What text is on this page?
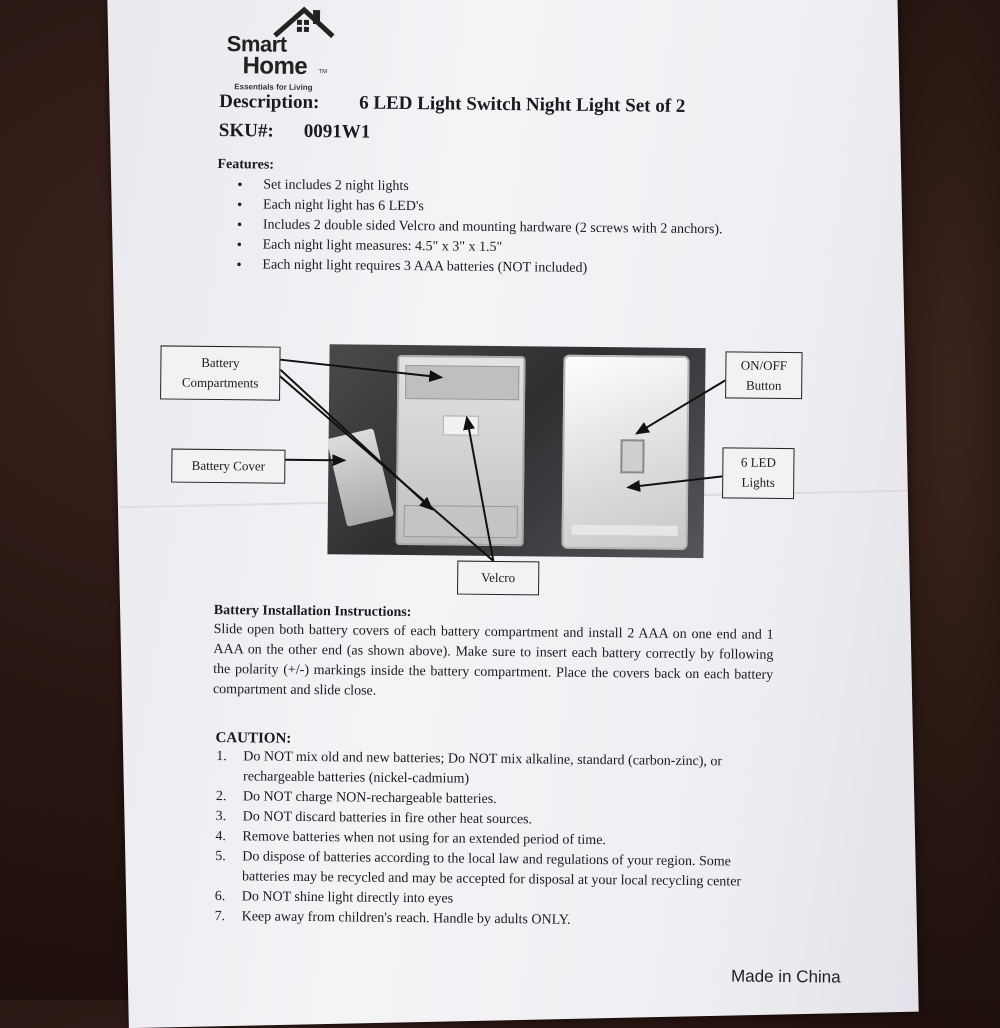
Smart
Home TM
Essentials for Living
Description: 6 LED Light Switch Night Light Set of 2
SKU#: 0091W1
Features:
• Set includes 2 night lights
• Each night light has 6 LED's
• Includes 2 double sided Velcro and mounting hardware (2 screws with 2 anchors).
• Each night light measures: 4.5" x 3" x 1.5"
• Each night light requires 3 AAA batteries (NOT included)
Battery Compartments
ON/OFF Button
Battery Cover	6 LED Lights
Velcro
Battery Installation Instructions:

Slide open both battery covers of each battery compartment and install 2 AAA on one end and 1 AAA on the other end (as shown above). Make sure to insert each battery correctly by following the polarity (+/-) markings inside the battery compartment. Place the covers back on each battery compartment and slide close.

CAUTION:
1. Do NOT mix old and new batteries; Do NOT mix alkaline, standard (carbon-zinc), or rechargeable batteries (nickel-cadmium)
2. Do NOT charge NON-rechargeable batteries.
3. Do NOT discard batteries in fire other heat sources.
4. Remove batteries when not using for an extended period of time.
5. Do dispose of batteries according to the local law and regulations of your region. Some batteries may be recycled and may be accepted for disposal at your local recycling center
6. Do NOT shine light directly into eyes
7. Keep away from children's reach. Handle by adults ONLY.
Made in China
